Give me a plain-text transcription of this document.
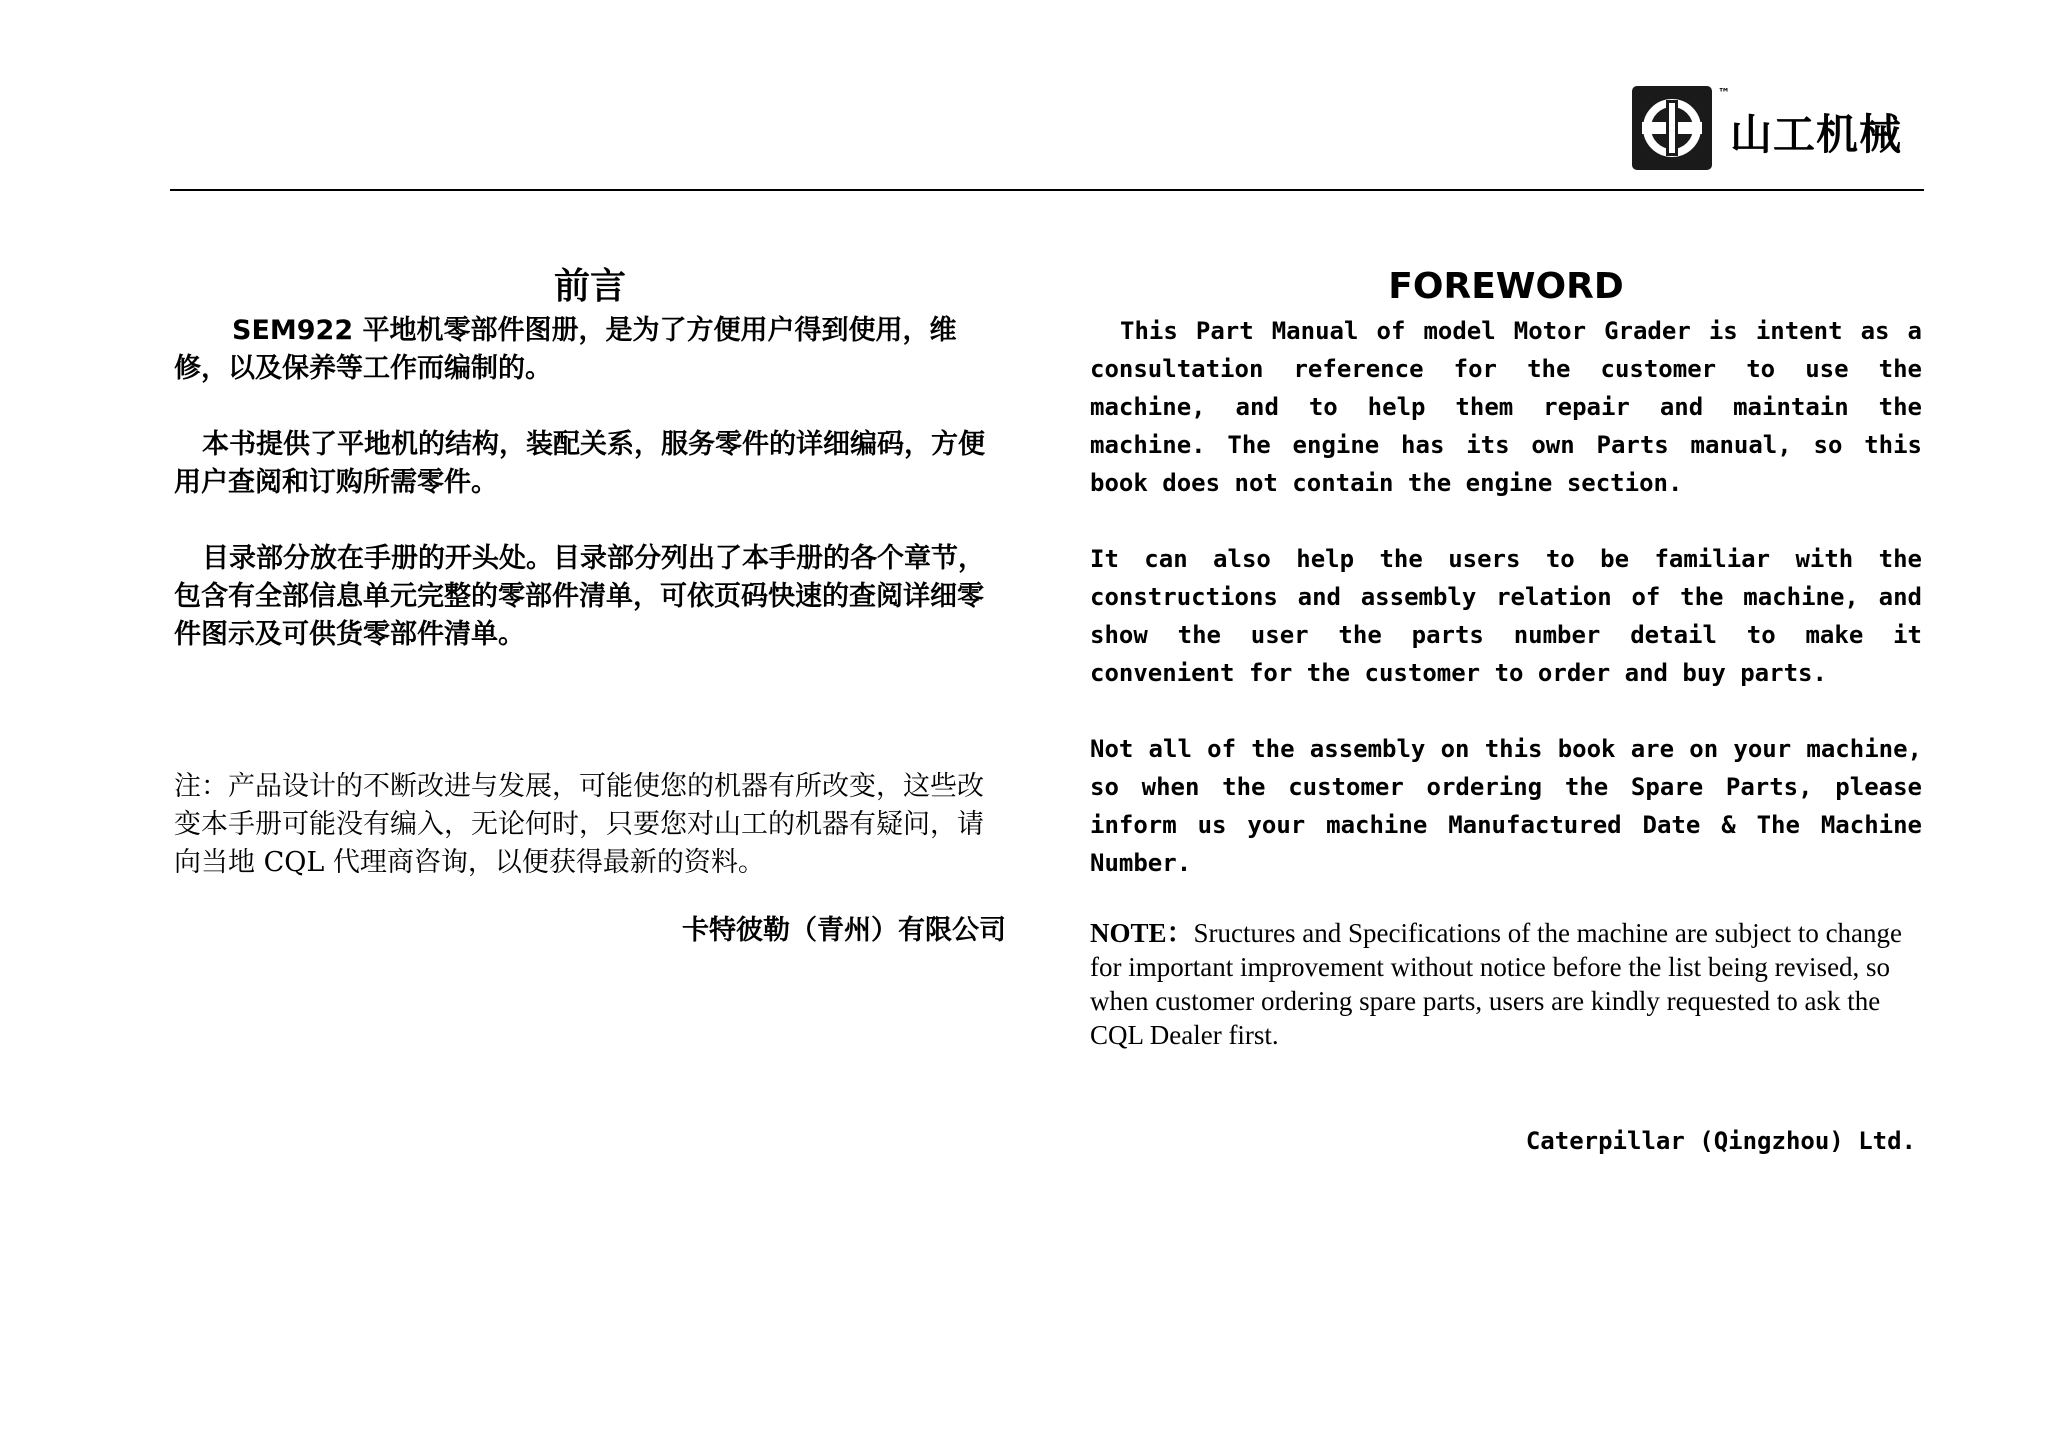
™
山工机械
前言

SEM922 平地机零部件图册，是为了方便用户得到使用，维修，以及保养等工作而编制的。

本书提供了平地机的结构，装配关系，服务零件的详细编码，方便用户查阅和订购所需零件。

目录部分放在手册的开头处。目录部分列出了本手册的各个章节，包含有全部信息单元完整的零部件清单，可依页码快速的查阅详细零件图示及可供货零部件清单。

注：产品设计的不断改进与发展，可能使您的机器有所改变，这些改变本手册可能没有编入，无论何时，只要您对山工的机器有疑问，请向当地 CQL 代理商咨询，以便获得最新的资料。

卡特彼勒（青州）有限公司

FOREWORD

This Part Manual of model Motor Grader is intent as a consultation reference for the customer to use the machine, and to help them repair and maintain the machine. The engine has its own Parts manual, so this book does not contain the engine section.

It can also help the users to be familiar with the constructions and assembly relation of the machine, and show the user the parts number detail to make it convenient for the customer to order and buy parts.

Not all of the assembly on this book are on your machine, so when the customer ordering the Spare Parts, please inform us your machine Manufactured Date & The Machine Number.

NOTE：Sructures and Specifications of the machine are subject to change for important improvement without notice before the list being revised, so when customer ordering spare parts, users are kindly requested to ask the CQL Dealer first.

Caterpillar (Qingzhou) Ltd.
